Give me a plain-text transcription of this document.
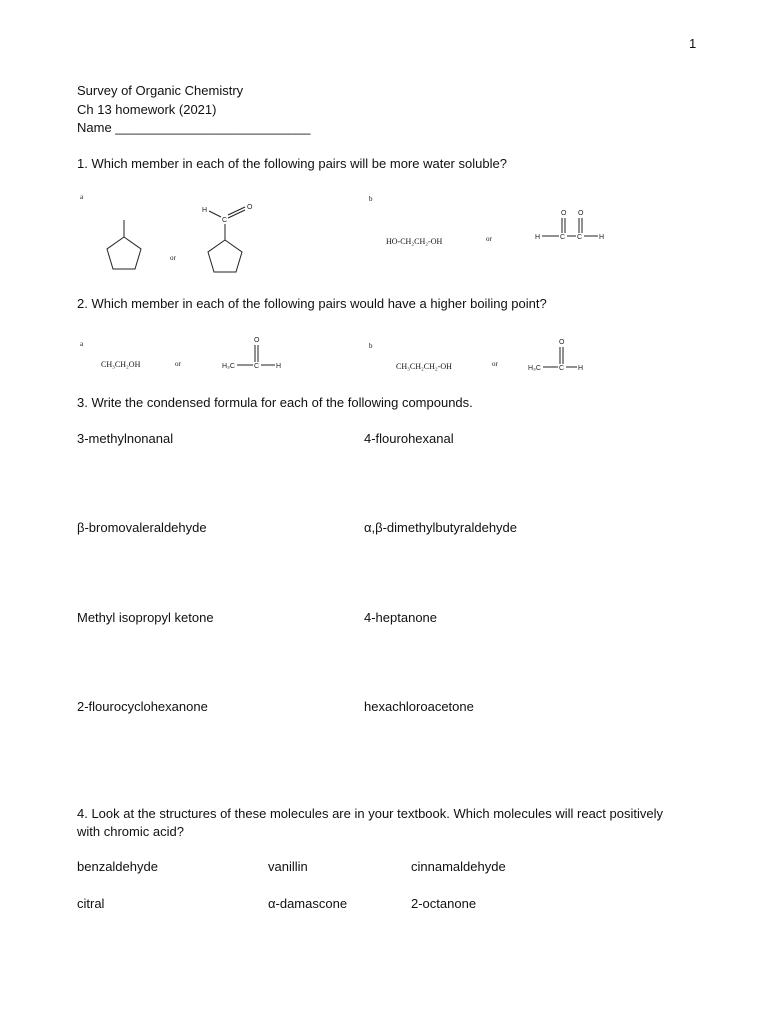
1
Survey of Organic Chemistry
Ch 13 homework (2021)
Name ___________________________
1. Which member in each of the following pairs will be more water soluble?
a	b
or
H
C
O
HO-CH₂CH₂-OH	or
O O
H	C C H
2. Which member in each of the following pairs would have a higher boiling point?
a	b
CH₃CH₂OH	or
O
H₃C	C H	CH₃CH₂CH₂-OH	or
O
H₃C	C H
3. Write the condensed formula for each of the following compounds.
3-methylnonanal	4-flourohexanal
β-bromovaleraldehyde	α,β-dimethylbutyraldehyde
Methyl isopropyl ketone	4-heptanone
2-flourocyclohexanone	hexachloroacetone
4. Look at the structures of these molecules are in your textbook. Which molecules will react positively
with chromic acid?
benzaldehyde	vanillin	cinnamaldehyde
citral	α-damascone	2-octanone
